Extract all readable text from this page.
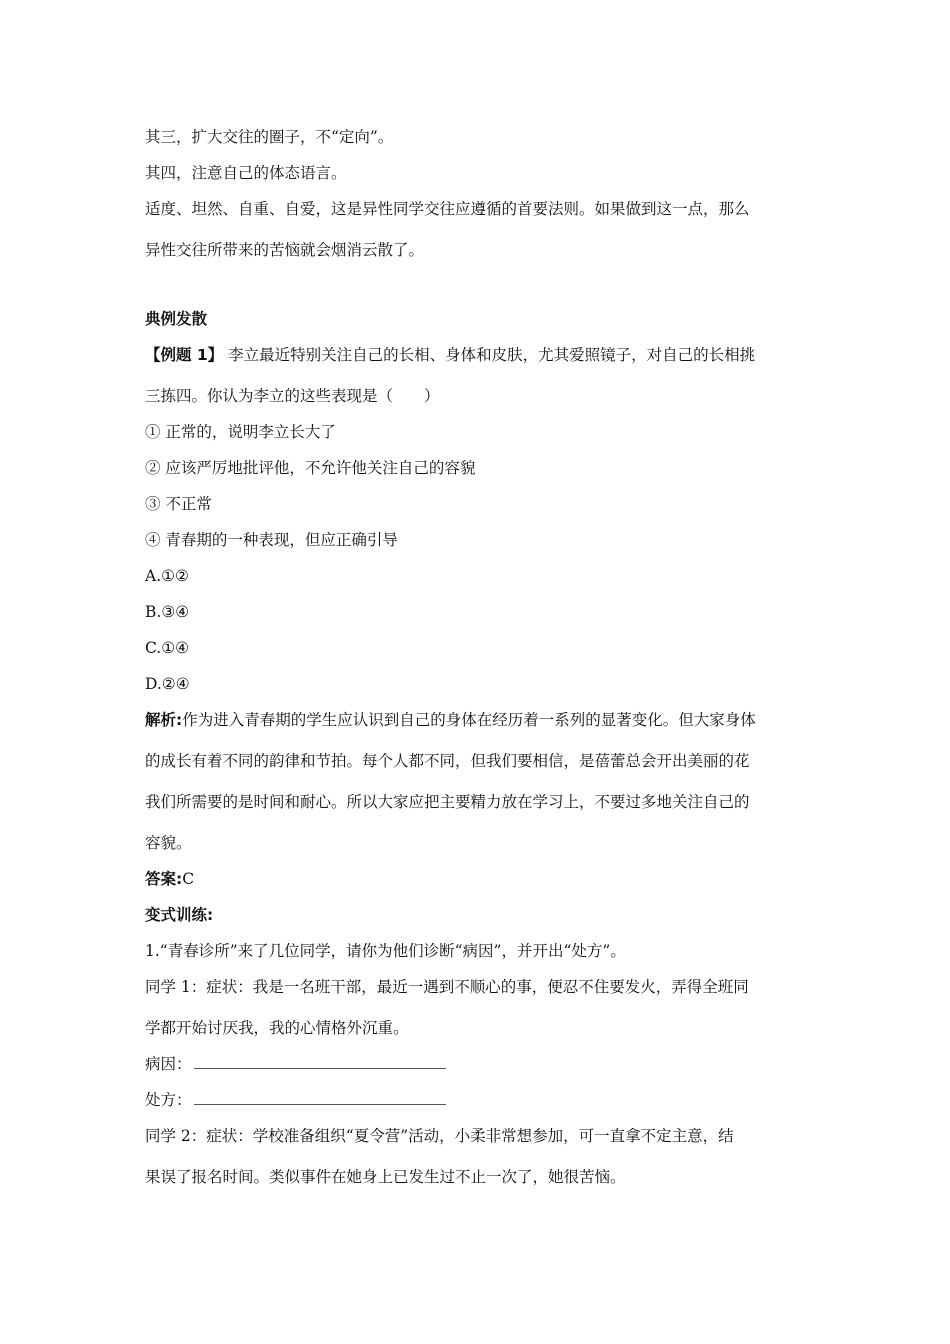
其三，扩大交往的圈子，不“定向”。
其四，注意自己的体态语言。
适度、坦然、自重、自爱，这是异性同学交往应遵循的首要法则。如果做到这一点，那么
异性交往所带来的苦恼就会烟消云散了。
典例发散
【例题 1】 李立最近特别关注自己的长相、身体和皮肤，尤其爱照镜子，对自己的长相挑
三拣四。你认为李立的这些表现是（　　）
① 正常的，说明李立长大了
② 应该严厉地批评他，不允许他关注自己的容貌
③ 不正常
④ 青春期的一种表现，但应正确引导
A.①②
B.③④
C.①④
D.②④
解析:作为进入青春期的学生应认识到自己的身体在经历着一系列的显著变化。但大家身体
的成长有着不同的韵律和节拍。每个人都不同，但我们要相信，是蓓蕾总会开出美丽的花
我们所需要的是时间和耐心。所以大家应把主要精力放在学习上，不要过多地关注自己的
容貌。
答案:C
变式训练:
1.“青春诊所”来了几位同学，请你为他们诊断“病因”，并开出“处方”。
同学 1：症状：我是一名班干部，最近一遇到不顺心的事，便忍不住要发火，弄得全班同
学都开始讨厌我，我的心情格外沉重。
病因：
处方：
同学 2：症状：学校准备组织“夏令营”活动，小柔非常想参加，可一直拿不定主意，结
果误了报名时间。类似事件在她身上已发生过不止一次了，她很苦恼。
